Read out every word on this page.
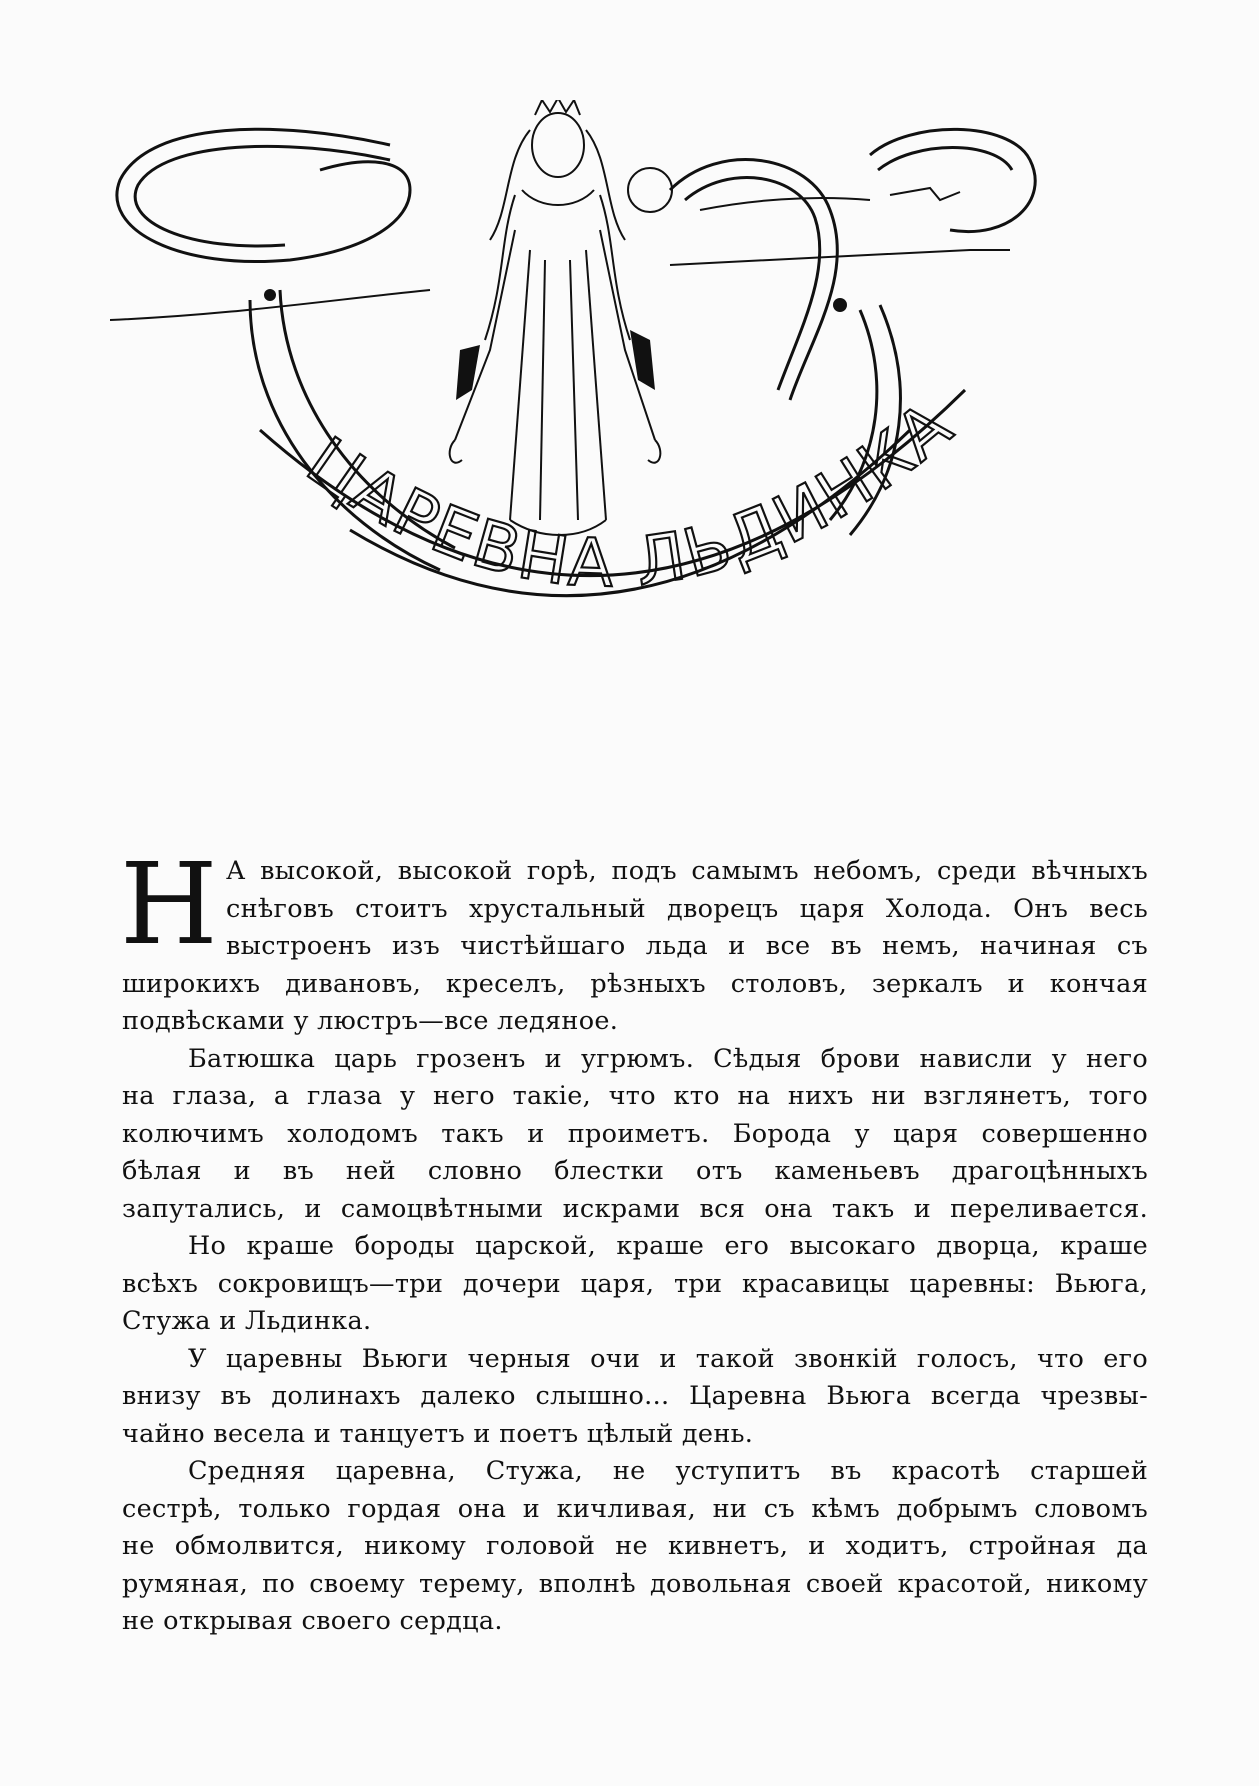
ЦАРЕВНА ЛЬДИНКА
Н А высокой, высокой горѣ, подъ самымъ небомъ, среди вѣчныхъ
снѣговъ стоитъ хрустальный дворецъ царя Холода. Онъ весь
выстроенъ изъ чистѣйшаго льда и все въ немъ, начиная съ
широкихъ дивановъ, креселъ, рѣзныхъ столовъ, зеркалъ и кончая
подвѣсками у люстръ—все ледяное.
Батюшка царь грозенъ и угрюмъ. Сѣдыя брови нависли у него
на глаза, а глаза у него такіе, что кто на нихъ ни взглянетъ, того
колючимъ холодомъ такъ и проиметъ. Борода у царя совершенно
бѣлая и въ ней словно блестки отъ каменьевъ драгоцѣнныхъ
запутались, и самоцвѣтными искрами вся она такъ и переливается.
Но краше бороды царской, краше его высокаго дворца, краше
всѣхъ сокровищъ—три дочери царя, три красавицы царевны: Вьюга,
Стужа и Льдинка.
У царевны Вьюги черныя очи и такой звонкій голосъ, что его
внизу въ долинахъ далеко слышно... Царевна Вьюга всегда чрезвы-
чайно весела и танцуетъ и поетъ цѣлый день.
Средняя царевна, Стужа, не уступитъ въ красотѣ старшей
сестрѣ, только гордая она и кичливая, ни съ кѣмъ добрымъ словомъ
не обмолвится, никому головой не кивнетъ, и ходитъ, стройная да
румяная, по своему терему, вполнѣ довольная своей красотой, никому
не открывая своего сердца.
